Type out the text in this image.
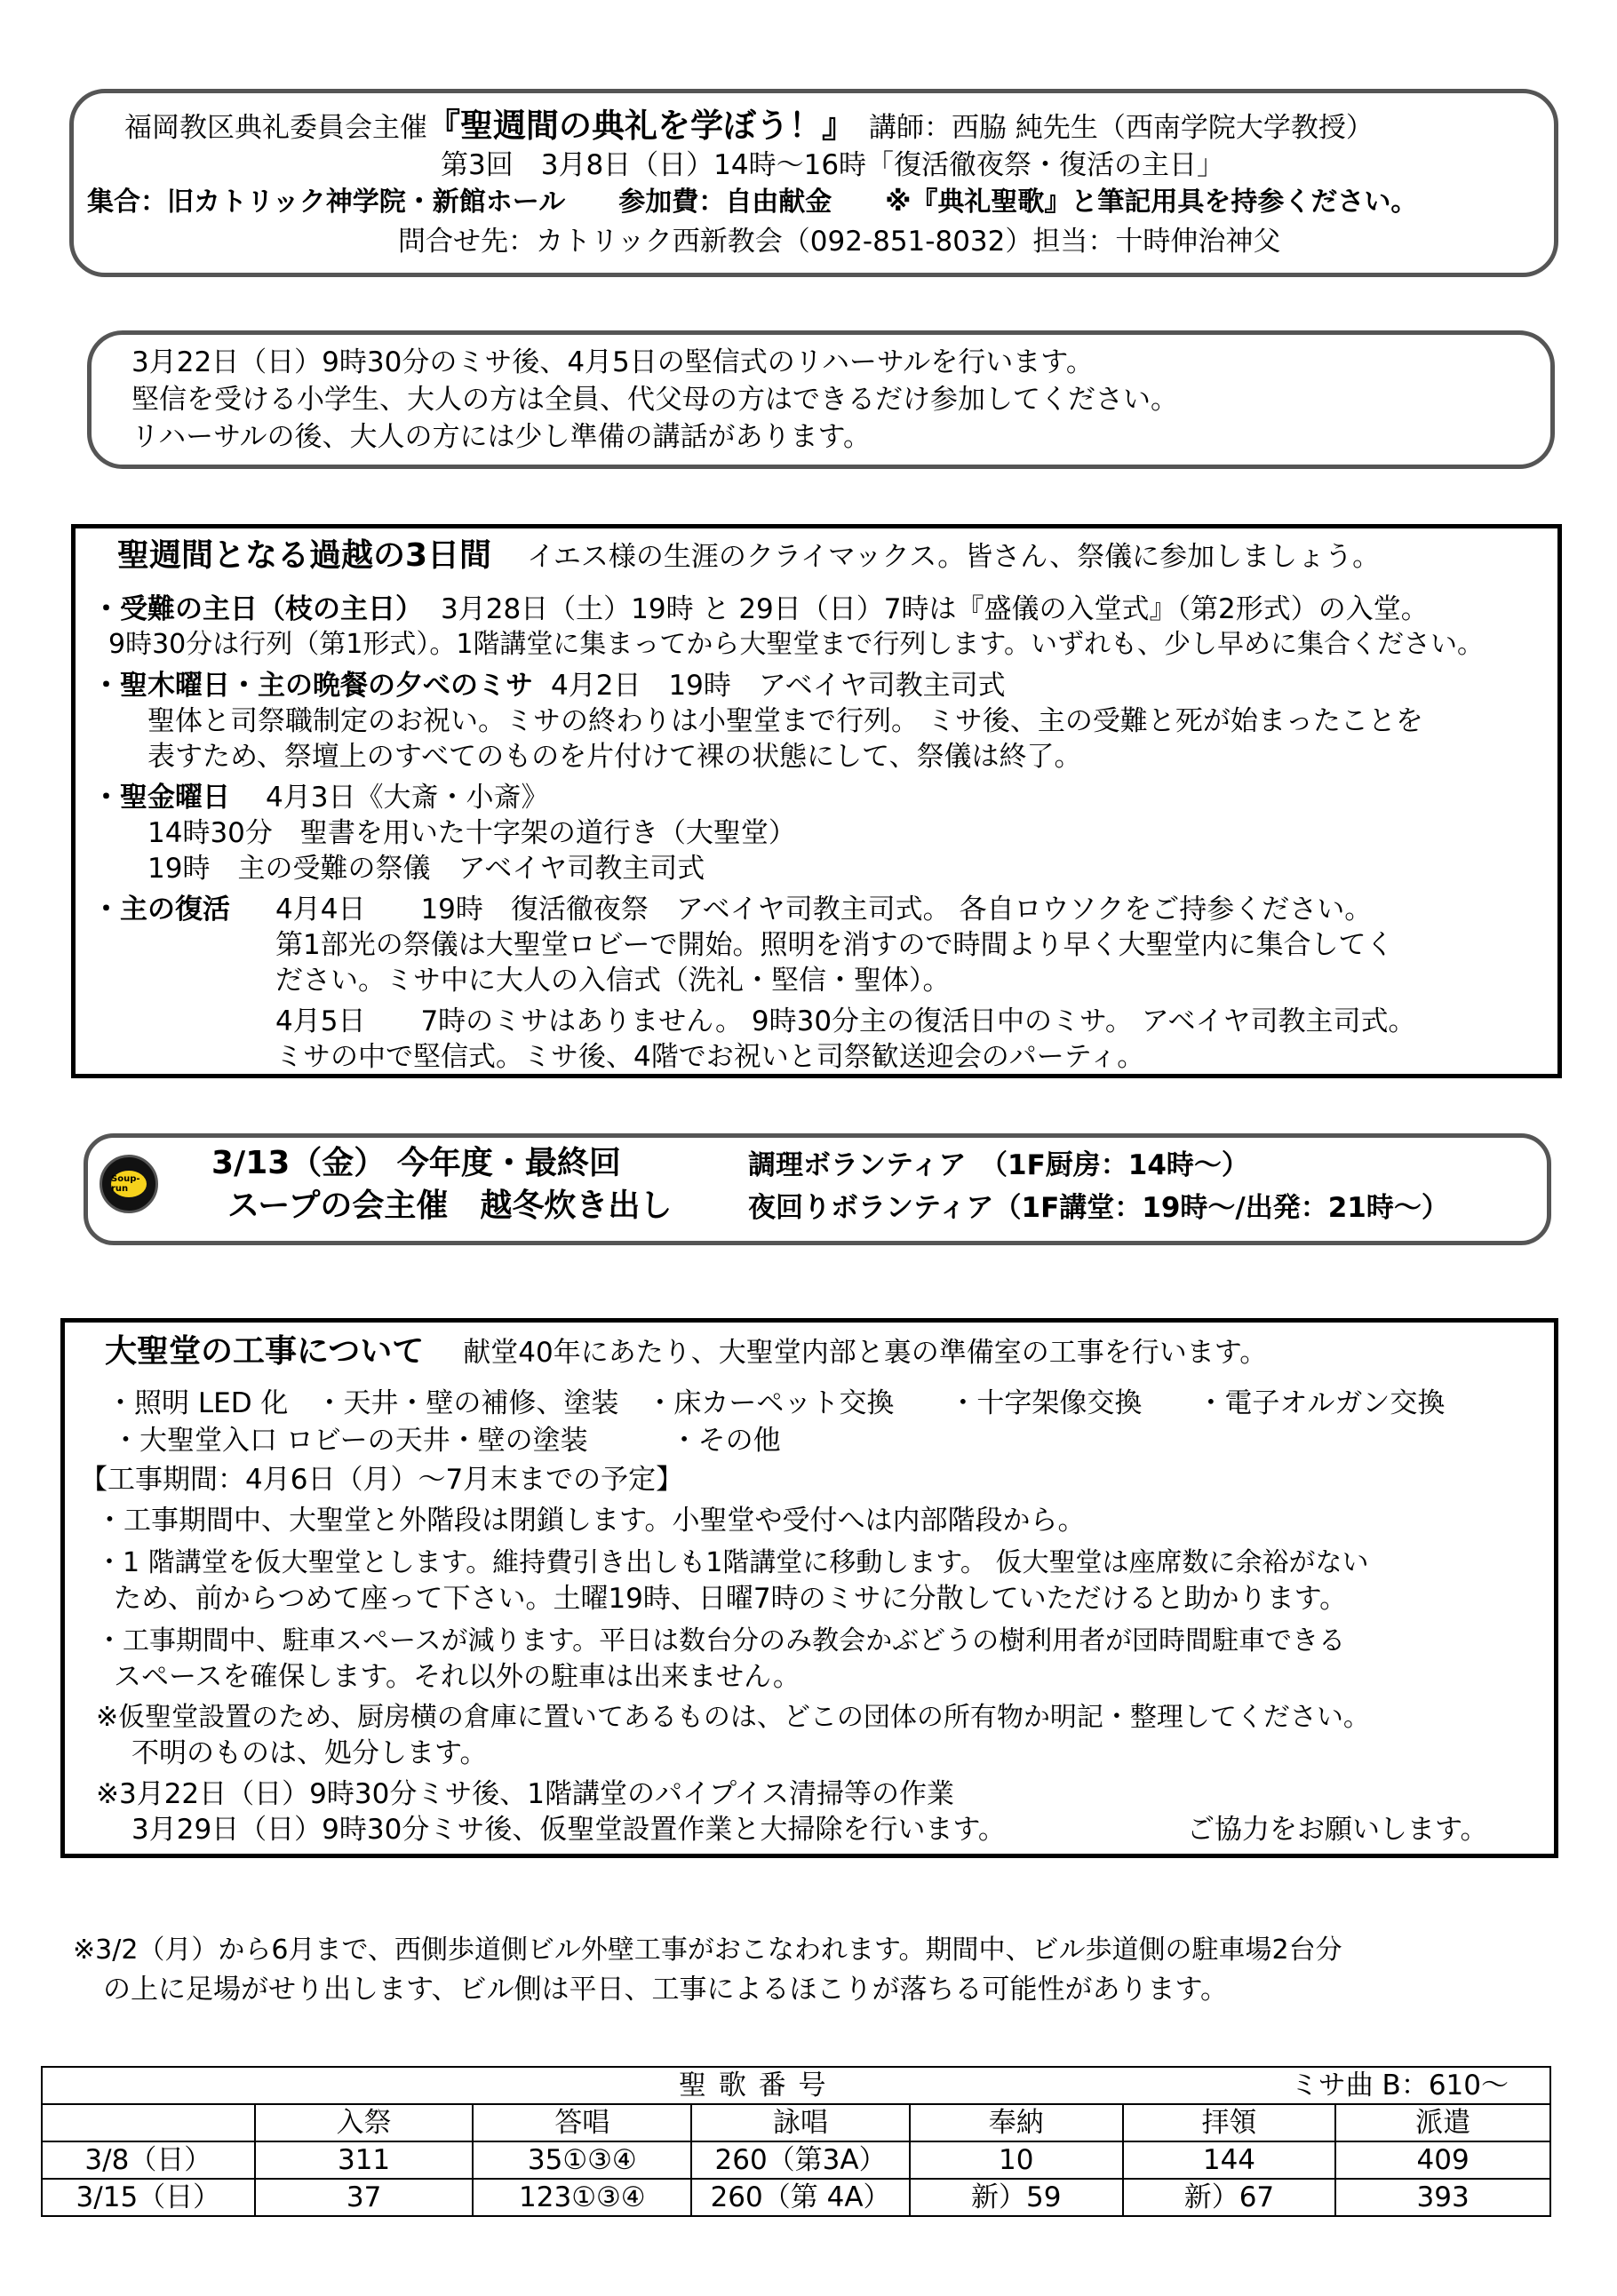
福岡教区典礼委員会主催『聖週間の典礼を学ぼう！』 講師：西脇 純先生（西南学院大学教授）
第3回　3月8日（日）14時〜16時「復活徹夜祭・復活の主日」
集合：旧カトリック神学院・新館ホール　　参加費：自由献金　　※『典礼聖歌』と筆記用具を持参ください。
問合せ先：カトリック西新教会（092-851-8032）担当：十時伸治神父
3月22日（日）9時30分のミサ後、4月5日の堅信式のリハーサルを行います。
堅信を受ける小学生、大人の方は全員、代父母の方はできるだけ参加してください。
リハーサルの後、大人の方には少し準備の講話があります。
聖週間となる過越の3日間 イエス様の生涯のクライマックス。皆さん、祭儀に参加しましょう。
・受難の主日（枝の主日） 3月28日（土）19時 と 29日（日）7時は『盛儀の入堂式』（第2形式）の入堂。
9時30分は行列（第1形式）。1階講堂に集まってから大聖堂まで行列します。いずれも、少し早めに集合ください。
・聖木曜日・主の晩餐の夕べのミサ 4月2日　19時　アベイヤ司教主司式
聖体と司祭職制定のお祝い。ミサの終わりは小聖堂まで行列。 ミサ後、主の受難と死が始まったことを
表すため、祭壇上のすべてのものを片付けて裸の状態にして、祭儀は終了。
・聖金曜日 4月3日《大斎・小斎》
14時30分　聖書を用いた十字架の道行き（大聖堂）
19時　主の受難の祭儀　アベイヤ司教主司式
・主の復活 4月4日　　19時　復活徹夜祭　アベイヤ司教主司式。 各自ロウソクをご持参ください。
第1部光の祭儀は大聖堂ロビーで開始。照明を消すので時間より早く大聖堂内に集合してく
ださい。ミサ中に大人の入信式（洗礼・堅信・聖体）。
4月5日　　7時のミサはありません。 9時30分主の復活日中のミサ。 アベイヤ司教主司式。
ミサの中で堅信式。ミサ後、4階でお祝いと司祭歓送迎会のパーティ。
Soup-run
3/13（金） 今年度・最終回	調理ボランティア　（1F厨房：14時〜）
スープの会主催　越冬炊き出し	夜回りボランティア（1F講堂：19時〜/出発：21時〜）
大聖堂の工事について 献堂40年にあたり、大聖堂内部と裏の準備室の工事を行います。
・照明 LED 化　・天井・壁の補修、塗装　・床カーペット交換　　・十字架像交換　　・電子オルガン交換
・大聖堂入口 ロビーの天井・壁の塗装　　　・その他
【工事期間：4月6日（月）〜7月末までの予定】
・工事期間中、大聖堂と外階段は閉鎖します。小聖堂や受付へは内部階段から。
・1 階講堂を仮大聖堂とします。維持費引き出しも1階講堂に移動します。 仮大聖堂は座席数に余裕がない
ため、前からつめて座って下さい。土曜19時、日曜7時のミサに分散していただけると助かります。
・工事期間中、駐車スペースが減ります。平日は数台分のみ教会かぶどうの樹利用者が団時間駐車できる
スペースを確保します。それ以外の駐車は出来ません。
※仮聖堂設置のため、厨房横の倉庫に置いてあるものは、どこの団体の所有物か明記・整理してください。
不明のものは、処分します。
※3月22日（日）9時30分ミサ後、1階講堂のパイプイス清掃等の作業
3月29日（日）9時30分ミサ後、仮聖堂設置作業と大掃除を行います。	ご協力をお願いします。
※3/2（月）から6月まで、西側歩道側ビル外壁工事がおこなわれます。期間中、ビル歩道側の駐車場2台分
の上に足場がせり出します、ビル側は平日、工事によるほこりが落ちる可能性があります。
聖 歌 番 号 ミサ曲 B：610〜						

	入祭	答唱	詠唱	奉納	拝領	派遣
3/8（日）	311	35①③④	260（第3A）	10	144	409
3/15（日）	37	123①③④	260（第 4A）	新）59	新）67	393
